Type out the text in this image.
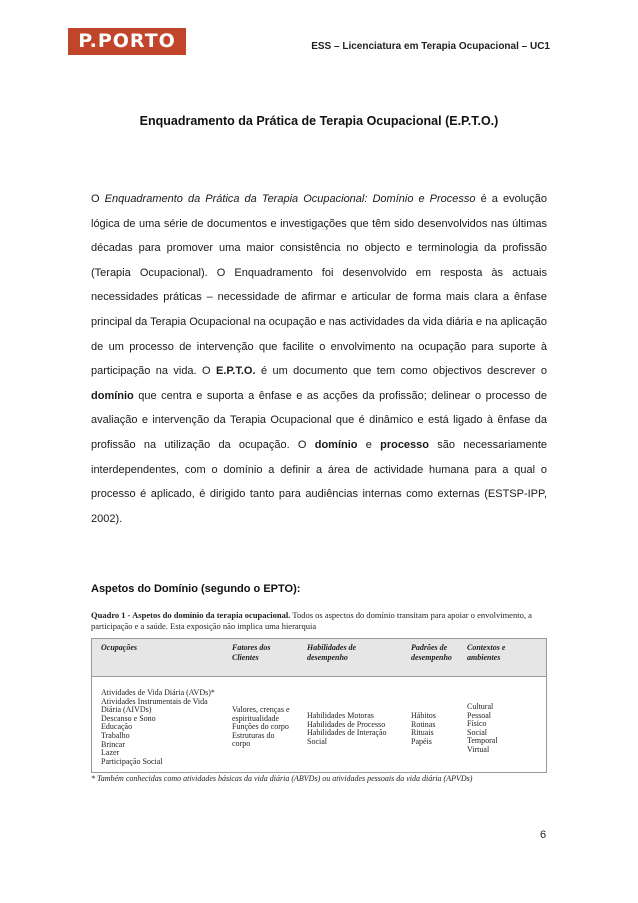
P.PORTO	ESS – Licenciatura em Terapia Ocupacional – UC1
Enquadramento da Prática de Terapia Ocupacional (E.P.T.O.)
O Enquadramento da Prática da Terapia Ocupacional: Domínio e Processo é a evolução lógica de uma série de documentos e investigações que têm sido desenvolvidos nas últimas décadas para promover uma maior consistência no objecto e terminologia da profissão (Terapia Ocupacional). O Enquadramento foi desenvolvido em resposta às actuais necessidades práticas – necessidade de afirmar e articular de forma mais clara a ênfase principal da Terapia Ocupacional na ocupação e nas actividades da vida diária e na aplicação de um processo de intervenção que facilite o envolvimento na ocupação para suporte à participação na vida. O E.P.T.O. é um documento que tem como objectivos descrever o domínio que centra e suporta a ênfase e as acções da profissão; delinear o processo de avaliação e intervenção da Terapia Ocupacional que é dinâmico e está ligado à ênfase da profissão na utilização da ocupação. O domínio e processo são necessariamente interdependentes, com o domínio a definir a área de actividade humana para a qual o processo é aplicado, é dirigido tanto para audiências internas como externas (ESTSP-IPP, 2002).
Aspetos do Domínio (segundo o EPTO):
Quadro 1 - Aspetos do domínio da terapia ocupacional. Todos os aspectos do domínio transitam para apoiar o envolvimento, a participação e a saúde. Esta exposição não implica uma hierarquia
Ocupações	Fatores dos
Clientes
Habilidades de
desempenho
Padrões de
desempenho
Contextos e
ambientes
Atividades de Vida Diária (AVDs)*
Atividades Instrumentais de Vida
Diária (AIVDs)
Descanso e Sono
Educação
Trabalho
Brincar
Lazer
Participação Social
Valores, crenças e
espiritualidade
Funções do corpo
Estruturas do
corpo
Habilidades Motoras
Habilidades de Processo
Habilidades de Interação
Social
Hábitos
Rotinas
Rituais
Papéis
Cultural
Pessoal
Físico
Social
Temporal
Virtual
* Também conhecidas como atividades básicas da vida diária (ABVDs) ou atividades pessoais da vida diária (APVDs)
6
